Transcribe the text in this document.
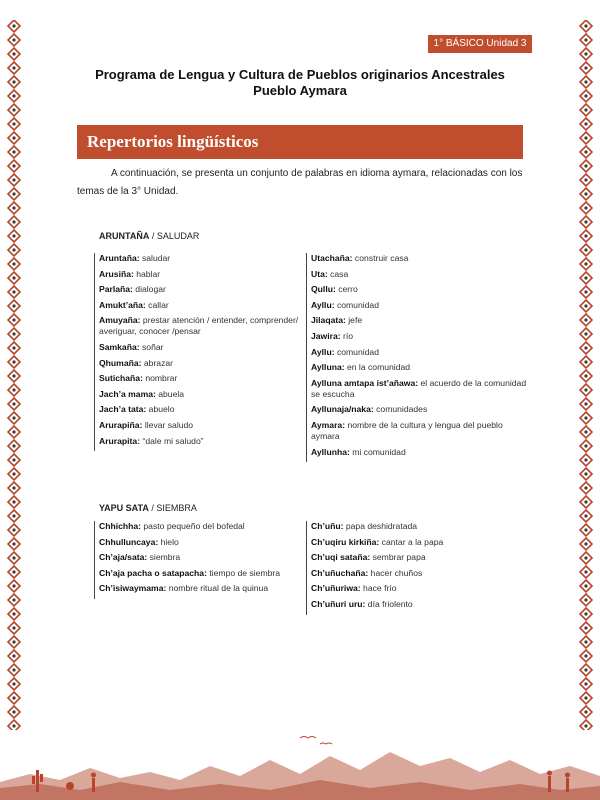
1° BÁSICO Unidad 3
Programa de Lengua y Cultura de Pueblos originarios Ancestrales
Pueblo Aymara
Repertorios lingüísticos
A continuación, se presenta un conjunto de palabras en idioma aymara, relacionadas con los temas de la 3° Unidad.
ARUNTAÑA / SALUDAR
Aruntaña: saludar
Arusiña: hablar
Parlaña: dialogar
Amukt’aña: callar
Amuyaña: prestar atención / entender, comprender/ averiguar, conocer /pensar
Samkaña: soñar
Qhumaña: abrazar
Sutichaña: nombrar
Jach’a mama: abuela
Jach’a tata: abuelo
Arurapiña: llevar saludo
Arurapita: “dale mi saludo”
Utachaña: construir casa
Uta: casa
Qullu: cerro
Ayllu: comunidad
Jilaqata: jefe
Jawira: río
Ayllu: comunidad
Aylluna: en la comunidad
Aylluna amtapa ist’añawa: el acuerdo de la comunidad se escucha
Ayllunaja/naka: comunidades
Aymara: nombre de la cultura y lengua del pueblo aymara
Ayllunha: mi comunidad
YAPU SATA / SIEMBRA
Chhichha: pasto pequeño del bofedal
Chhulluncaya: hielo
Ch’aja/sata: siembra
Ch’aja pacha o satapacha: tiempo de siembra
Ch’isiwaymama: nombre ritual de la quinua
Ch’uñu: papa deshidratada
Ch’uqiru kirkiña: cantar a la papa
Ch’uqi sataña: sembrar papa
Ch’uñuchaña: hacer chuños
Ch’uñuriwa: hace frío
Ch’uñuri uru: día friolento
